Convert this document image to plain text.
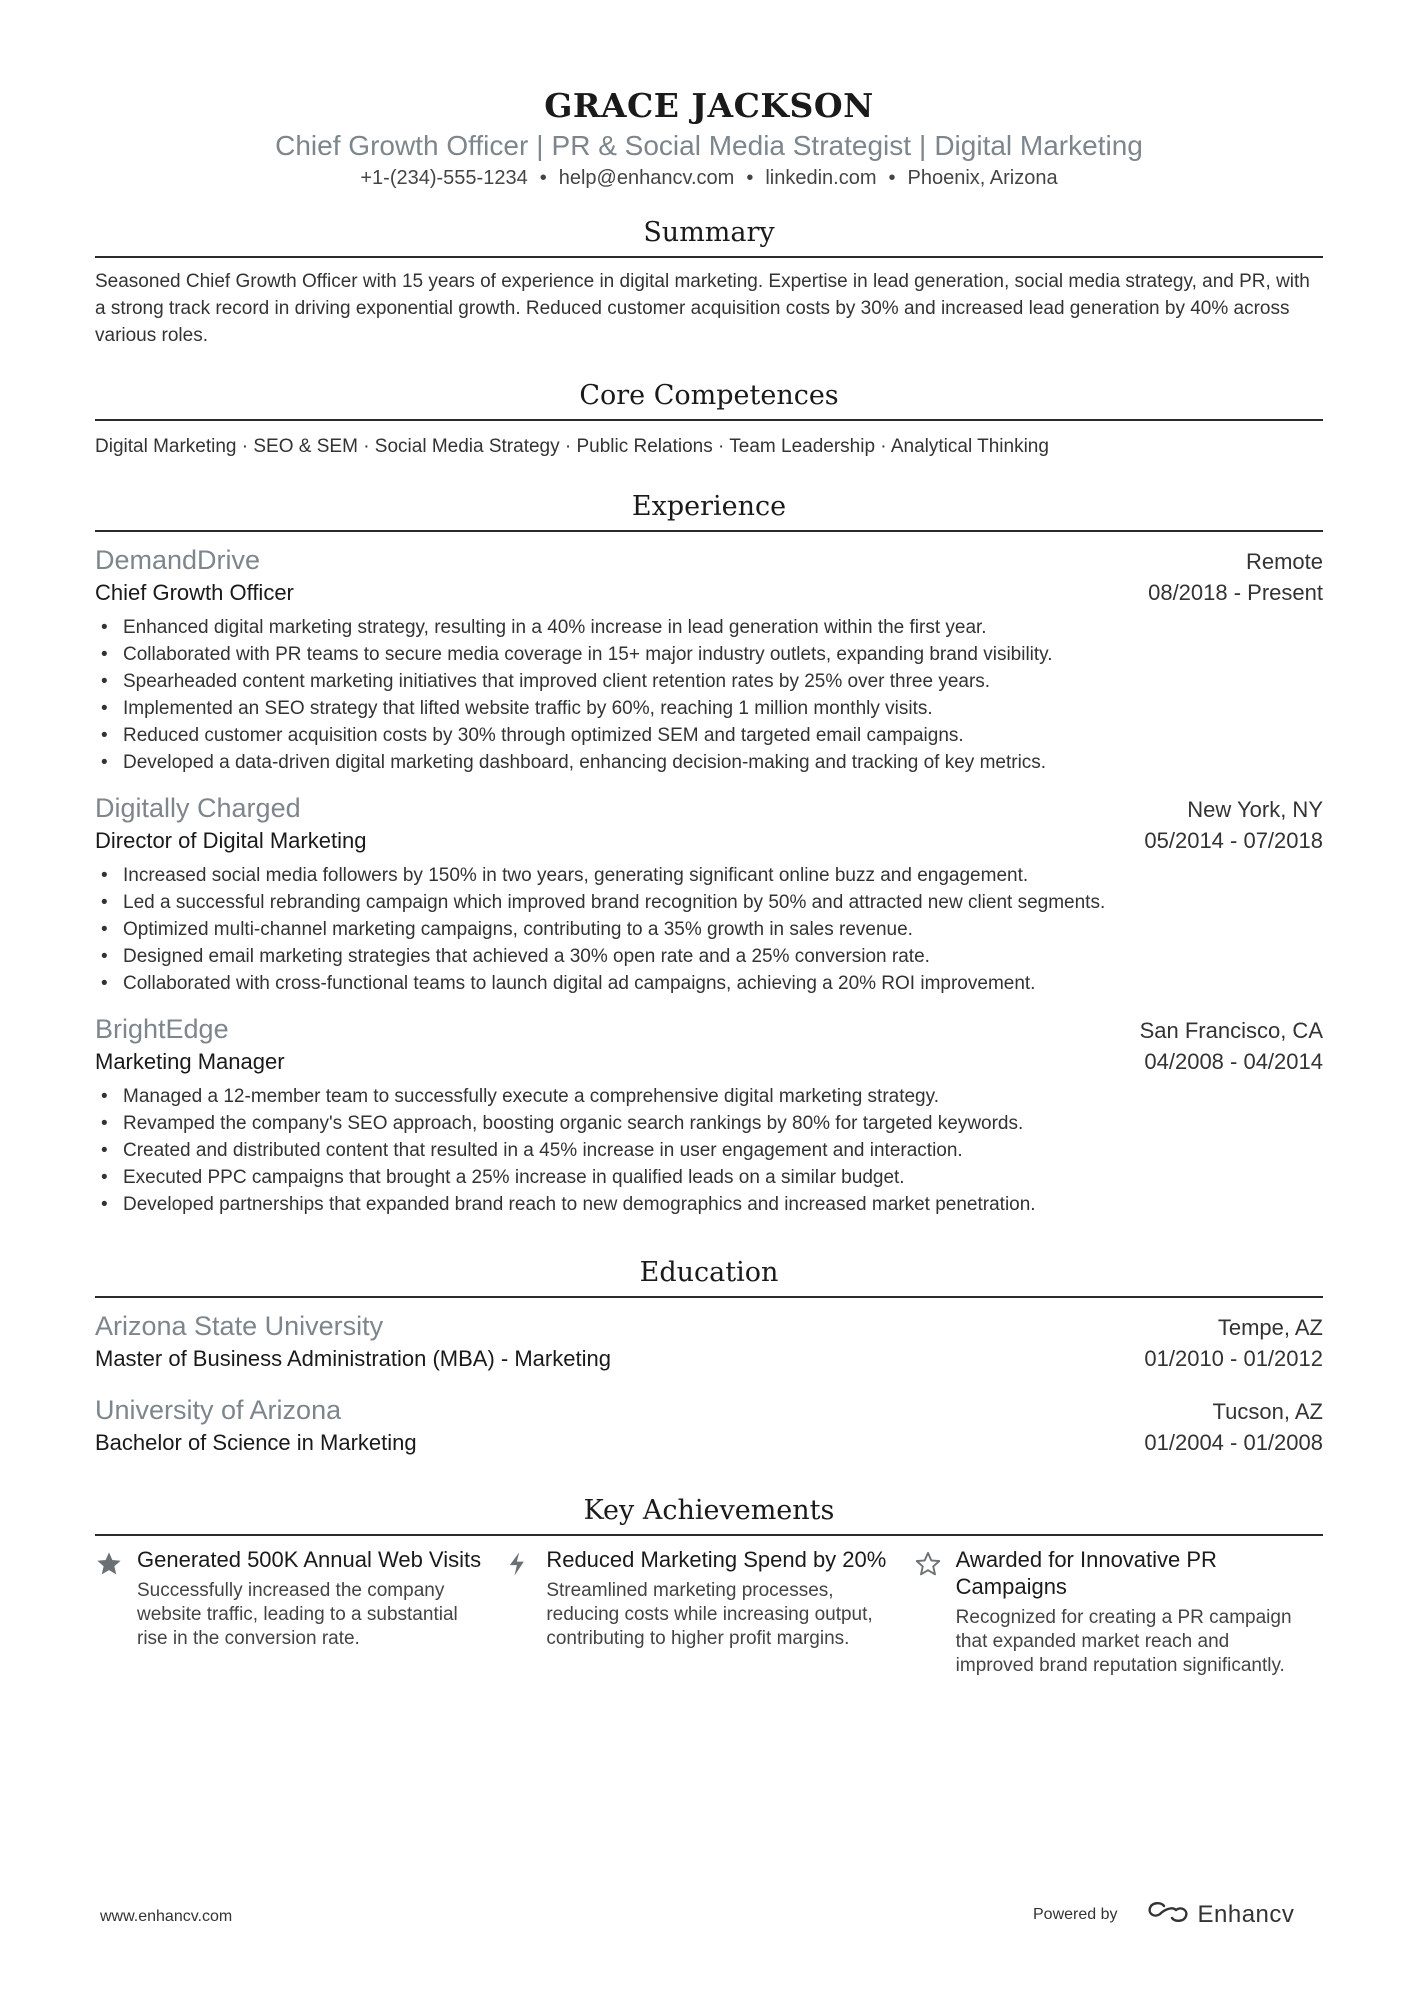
GRACE JACKSON
Chief Growth Officer | PR & Social Media Strategist | Digital Marketing
+1-(234)-555-1234 • help@enhancv.com • linkedin.com • Phoenix, Arizona
Summary
Seasoned Chief Growth Officer with 15 years of experience in digital marketing. Expertise in lead generation, social media strategy, and PR, with a strong track record in driving exponential growth. Reduced customer acquisition costs by 30% and increased lead generation by 40% across various roles.
Core Competences
Digital Marketing · SEO & SEM · Social Media Strategy · Public Relations · Team Leadership · Analytical Thinking
Experience
DemandDrive	Remote
Chief Growth Officer	08/2018 - Present
• Enhanced digital marketing strategy, resulting in a 40% increase in lead generation within the first year.
• Collaborated with PR teams to secure media coverage in 15+ major industry outlets, expanding brand visibility.
• Spearheaded content marketing initiatives that improved client retention rates by 25% over three years.
• Implemented an SEO strategy that lifted website traffic by 60%, reaching 1 million monthly visits.
• Reduced customer acquisition costs by 30% through optimized SEM and targeted email campaigns.
• Developed a data-driven digital marketing dashboard, enhancing decision-making and tracking of key metrics.
Digitally Charged	New York, NY
Director of Digital Marketing	05/2014 - 07/2018
• Increased social media followers by 150% in two years, generating significant online buzz and engagement.
• Led a successful rebranding campaign which improved brand recognition by 50% and attracted new client segments.
• Optimized multi-channel marketing campaigns, contributing to a 35% growth in sales revenue.
• Designed email marketing strategies that achieved a 30% open rate and a 25% conversion rate.
• Collaborated with cross-functional teams to launch digital ad campaigns, achieving a 20% ROI improvement.
BrightEdge	San Francisco, CA
Marketing Manager	04/2008 - 04/2014
• Managed a 12-member team to successfully execute a comprehensive digital marketing strategy.
• Revamped the company's SEO approach, boosting organic search rankings by 80% for targeted keywords.
• Created and distributed content that resulted in a 45% increase in user engagement and interaction.
• Executed PPC campaigns that brought a 25% increase in qualified leads on a similar budget.
• Developed partnerships that expanded brand reach to new demographics and increased market penetration.
Education
Arizona State University	Tempe, AZ
Master of Business Administration (MBA) - Marketing	01/2010 - 01/2012
University of Arizona	Tucson, AZ
Bachelor of Science in Marketing	01/2004 - 01/2008
Key Achievements
Generated 500K Annual Web Visits
Successfully increased the company website traffic, leading to a substantial rise in the conversion rate.
Reduced Marketing Spend by 20%
Streamlined marketing processes, reducing costs while increasing output, contributing to higher profit margins.
Awarded for Innovative PR Campaigns
Recognized for creating a PR campaign that expanded market reach and improved brand reputation significantly.
www.enhancv.com	Powered by	Enhancv
